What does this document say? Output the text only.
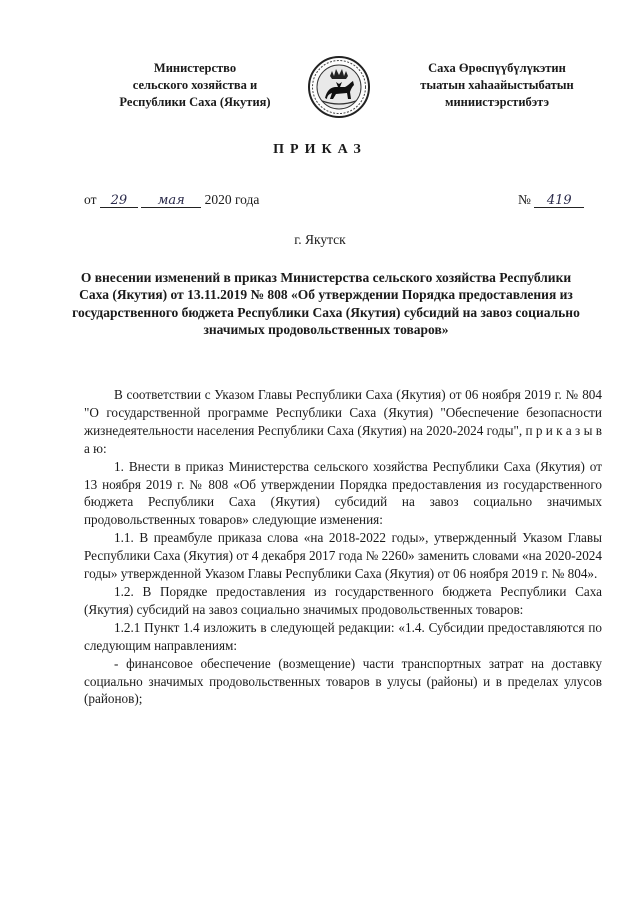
Министерство
сельского хозяйства и
Республики Саха (Якутия)
Саха Өрөспүүбүлүкэтин
тыатын хаһаайыстыбатын
миниистэрстибэтэ
ПРИКАЗ
от 29 мая 2020 года	№ 419
г. Якутск
О внесении изменений в приказ Министерства сельского хозяйства Республики Саха (Якутия) от 13.11.2019 № 808 «Об утверждении Порядка предоставления из государственного бюджета Республики Саха (Якутия) субсидий на завоз социально значимых продовольственных товаров»

В соответствии с Указом Главы Республики Саха (Якутия) от 06 ноября 2019 г. № 804 "О государственной программе Республики Саха (Якутия) "Обеспечение безопасности жизнедеятельности населения Республики Саха (Якутия) на 2020-2024 годы", п р и к а з ы в а ю:

1. Внести в приказ Министерства сельского хозяйства Республики Саха (Якутия) от 13 ноября 2019 г. № 808 «Об утверждении Порядка предоставления из государственного бюджета Республики Саха (Якутия) субсидий на завоз социально значимых продовольственных товаров» следующие изменения:

1.1. В преамбуле приказа слова «на 2018-2022 годы», утвержденный Указом Главы Республики Саха (Якутия) от 4 декабря 2017 года № 2260» заменить словами «на 2020-2024 годы» утвержденной Указом Главы Республики Саха (Якутия) от 06 ноября 2019 г. № 804».

1.2. В Порядке предоставления из государственного бюджета Республики Саха (Якутия) субсидий на завоз социально значимых продовольственных товаров:

1.2.1 Пункт 1.4 изложить в следующей редакции: «1.4. Субсидии предоставляются по следующим направлениям:

- финансовое обеспечение (возмещение) части транспортных затрат на доставку социально значимых продовольственных товаров в улусы (районы) и в пределах улусов (районов);
